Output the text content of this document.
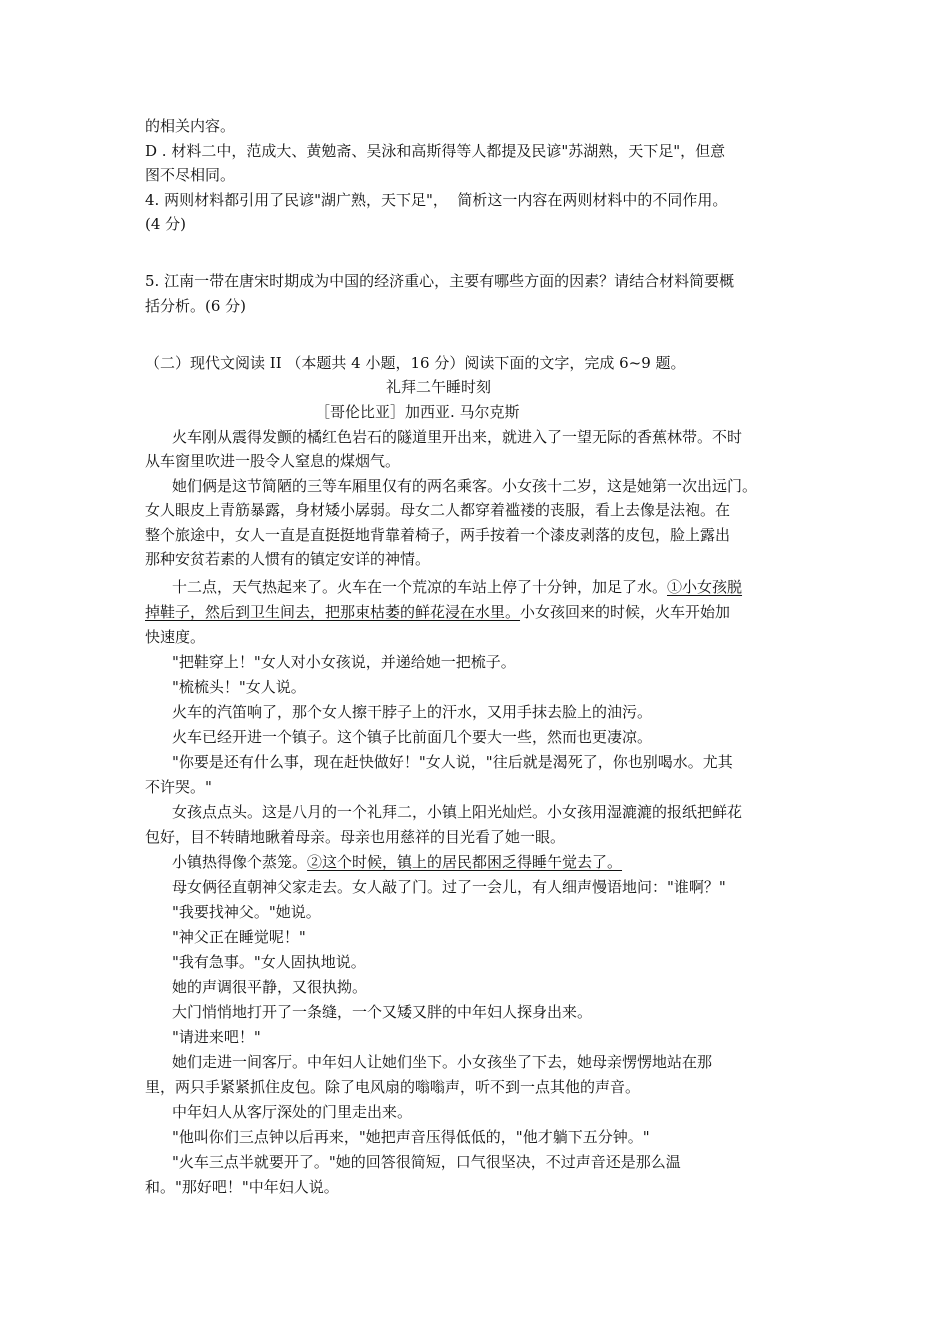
的相关内容。

D . 材料二中，范成大、黄勉斋、吴泳和高斯得等人都提及民谚"苏湖熟，天下足"，但意

图不尽相同。

4. 两则材料都引用了民谚"湖广熟，天下足"，  简析这一内容在两则材料中的不同作用。

(4 分)

5. 江南一带在唐宋时期成为中国的经济重心，主要有哪些方面的因素？请结合材料简要概

括分析。(6 分)

（二）现代文阅读 II （本题共 4 小题，16 分）阅读下面的文字，完成 6~9 题。

礼拜二午睡时刻

［哥伦比亚］加西亚. 马尔克斯

火车刚从震得发颤的橘红色岩石的隧道里开出来，就进入了一望无际的香蕉林带。不时

从车窗里吹进一股令人窒息的煤烟气。

她们俩是这节简陋的三等车厢里仅有的两名乘客。小女孩十二岁，这是她第一次出远门。

女人眼皮上青筋暴露，身材矮小孱弱。母女二人都穿着褴褛的丧服，看上去像是法袍。在

整个旅途中，女人一直是直挺挺地背靠着椅子，两手按着一个漆皮剥落的皮包，脸上露出

那种安贫若素的人惯有的镇定安详的神情。

十二点，天气热起来了。火车在一个荒凉的车站上停了十分钟，加足了水。①小女孩脱

掉鞋子，然后到卫生间去，把那束枯萎的鲜花浸在水里。小女孩回来的时候，火车开始加

快速度。

"把鞋穿上！"女人对小女孩说，并递给她一把梳子。

"梳梳头！"女人说。

火车的汽笛响了，那个女人擦干脖子上的汗水，又用手抹去脸上的油污。

火车已经开进一个镇子。这个镇子比前面几个要大一些，然而也更凄凉。

"你要是还有什么事，现在赶快做好！"女人说，"往后就是渴死了，你也别喝水。尤其

不许哭。"

女孩点点头。这是八月的一个礼拜二，小镇上阳光灿烂。小女孩用湿漉漉的报纸把鲜花

包好，目不转睛地瞅着母亲。母亲也用慈祥的目光看了她一眼。

小镇热得像个蒸笼。②这个时候，镇上的居民都困乏得睡午觉去了。

母女俩径直朝神父家走去。女人敲了门。过了一会儿，有人细声慢语地问："谁啊？"

"我要找神父。"她说。

"神父正在睡觉呢！"

"我有急事。"女人固执地说。

她的声调很平静，又很执拗。

大门悄悄地打开了一条缝，一个又矮又胖的中年妇人探身出来。

"请进来吧！"

她们走进一间客厅。中年妇人让她们坐下。小女孩坐了下去，她母亲愣愣地站在那

里，两只手紧紧抓住皮包。除了电风扇的嗡嗡声，听不到一点其他的声音。

中年妇人从客厅深处的门里走出来。

"他叫你们三点钟以后再来，"她把声音压得低低的，"他才躺下五分钟。"

"火车三点半就要开了。"她的回答很简短，口气很坚决，不过声音还是那么温

和。"那好吧！"中年妇人说。
